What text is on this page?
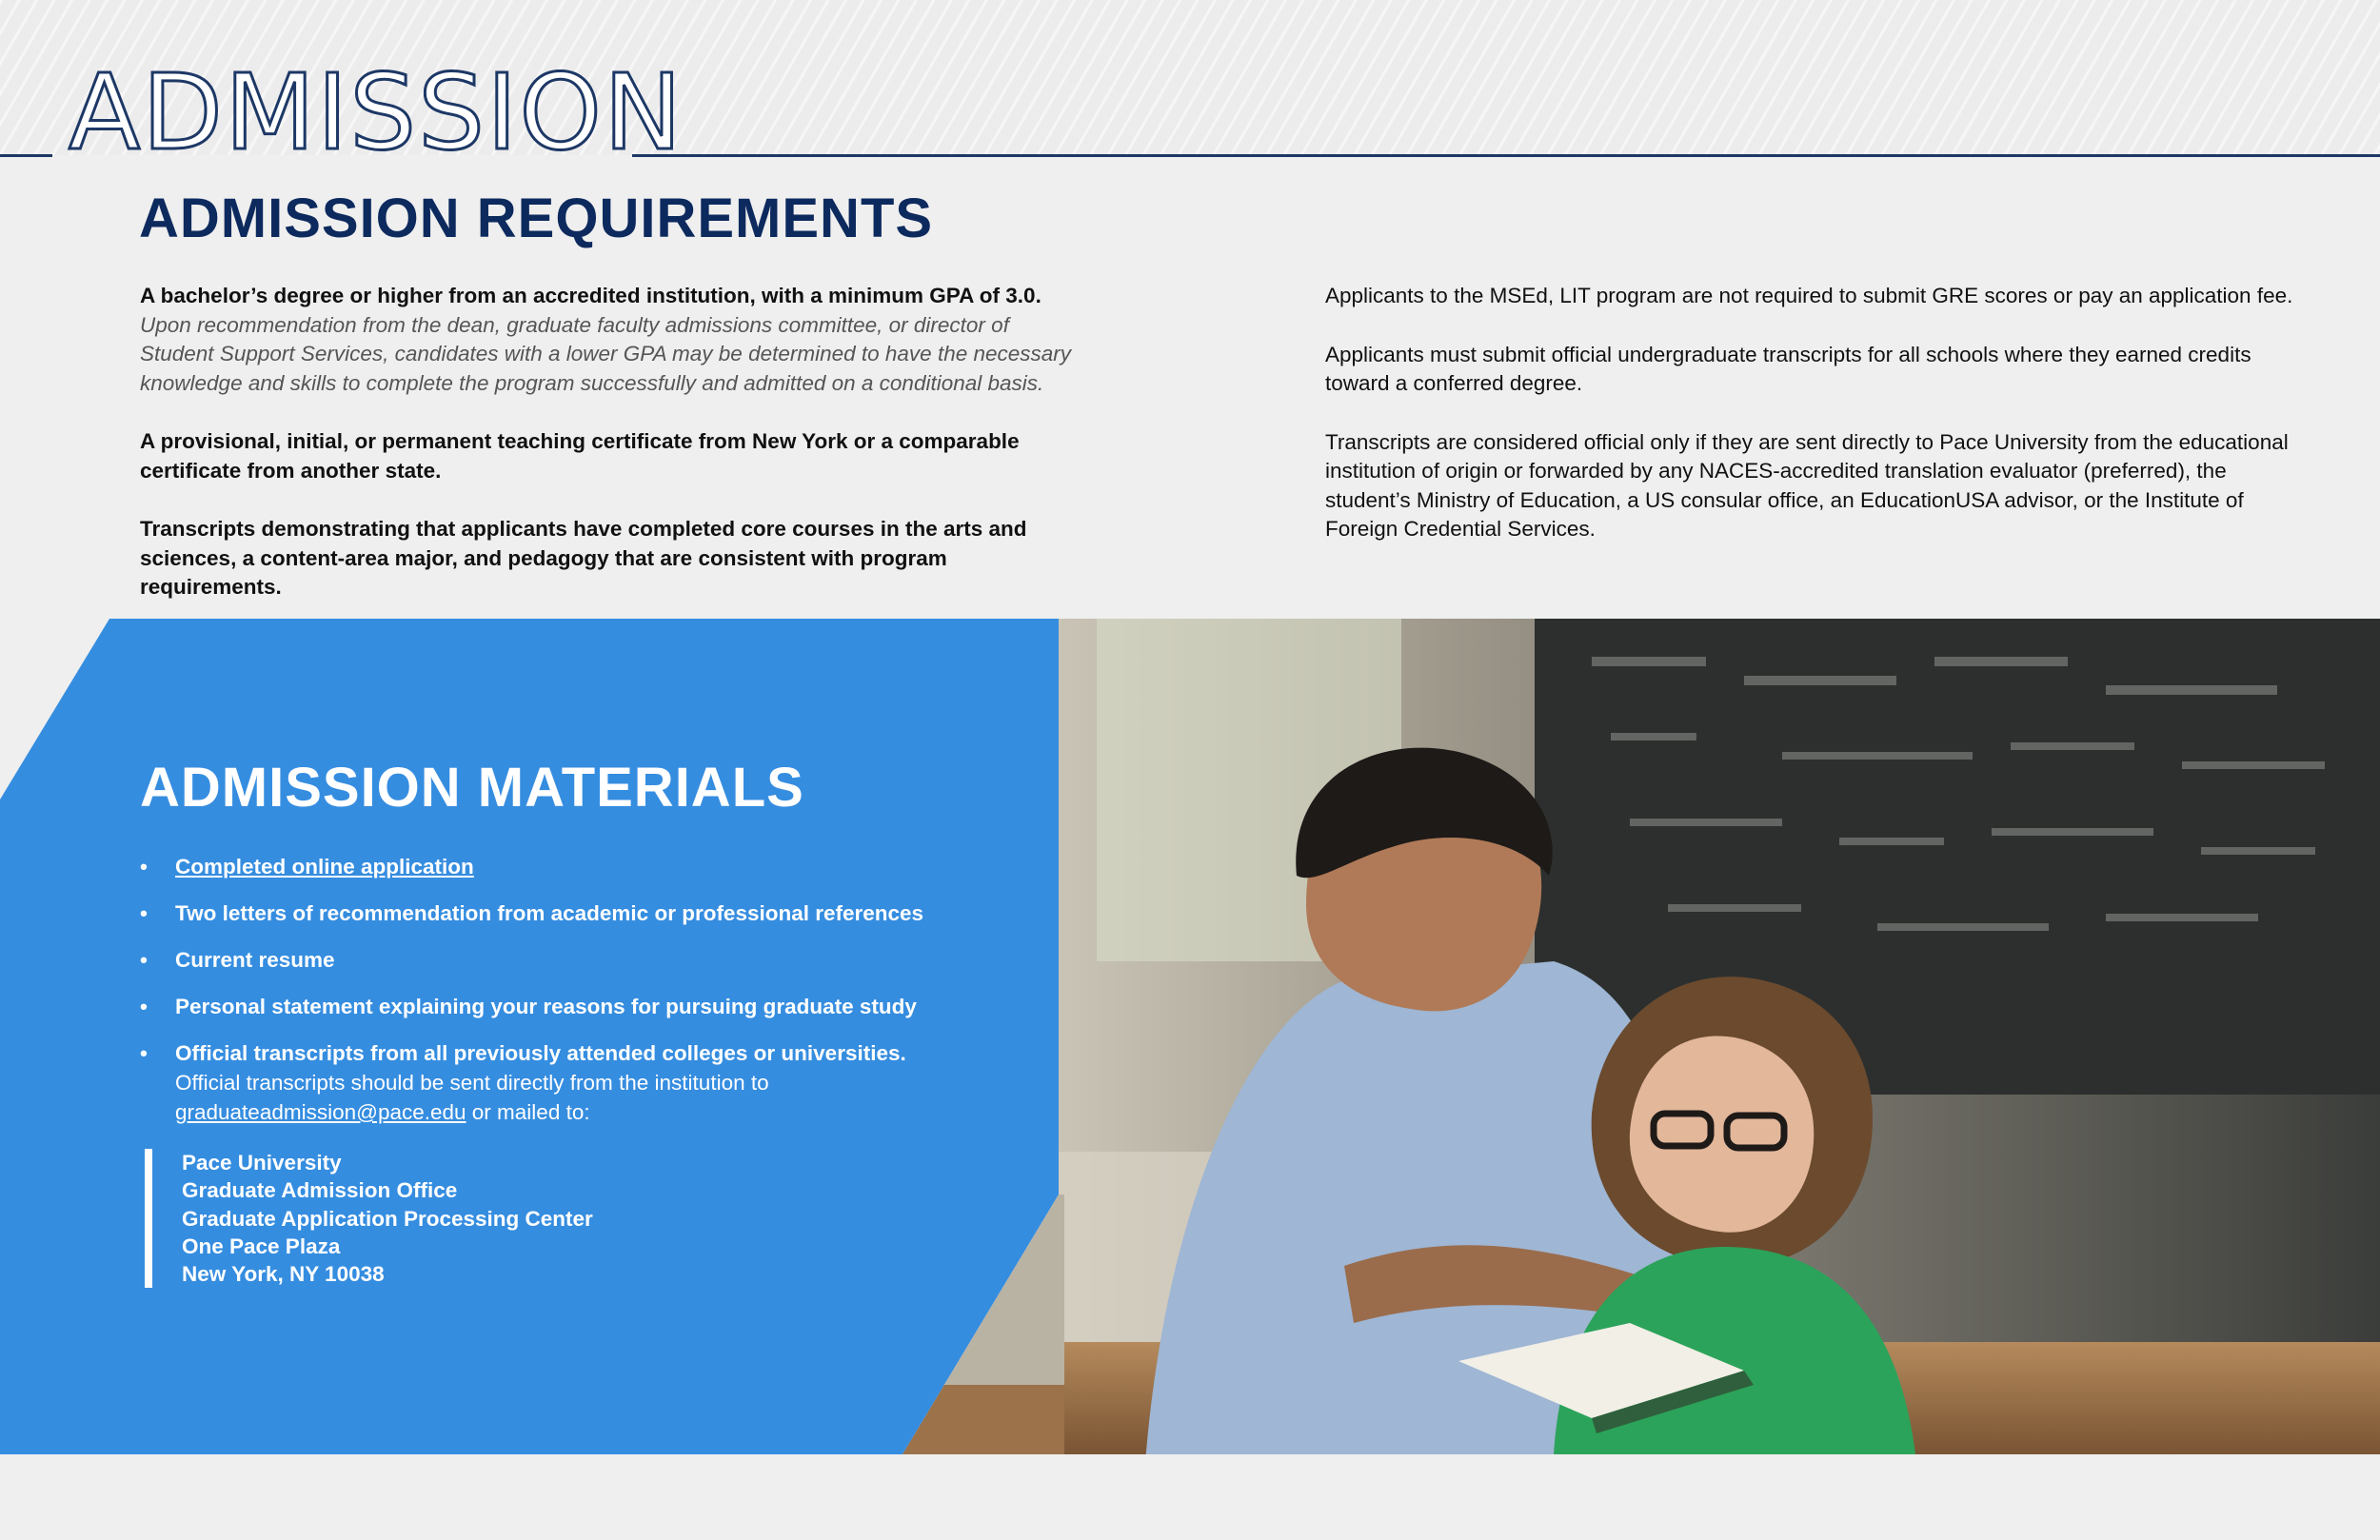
ADMISSION
ADMISSION REQUIREMENTS

A bachelor’s degree or higher from an accredited institution, with a minimum GPA of 3.0.
Upon recommendation from the dean, graduate faculty admissions committee, or director of Student Support Services, candidates with a lower GPA may be determined to have the necessary knowledge and skills to complete the program successfully and admitted on a conditional basis.

A provisional, initial, or permanent teaching certificate from New York or a comparable certificate from another state.

Transcripts demonstrating that applicants have completed core courses in the arts and sciences, a content-area major, and pedagogy that are consistent with program requirements.

Applicants to the MSEd, LIT program are not required to submit GRE scores or pay an application fee.

Applicants must submit official undergraduate transcripts for all schools where they earned credits toward a conferred degree.

Transcripts are considered official only if they are sent directly to Pace University from the educational institution of origin or forwarded by any NACES-accredited translation evaluator (preferred), the student’s Ministry of Education, a US consular office, an EducationUSA advisor, or the Institute of Foreign Credential Services.

ADMISSION MATERIALS
• Completed online application
• Two letters of recommendation from academic or professional references
• Current resume
• Personal statement explaining your reasons for pursuing graduate study
• Official transcripts from all previously attended colleges or universities.
Official transcripts should be sent directly from the institution to
graduateadmission@pace.edu or mailed to:
Pace University
Graduate Admission Office
Graduate Application Processing Center
One Pace Plaza
New York, NY 10038
